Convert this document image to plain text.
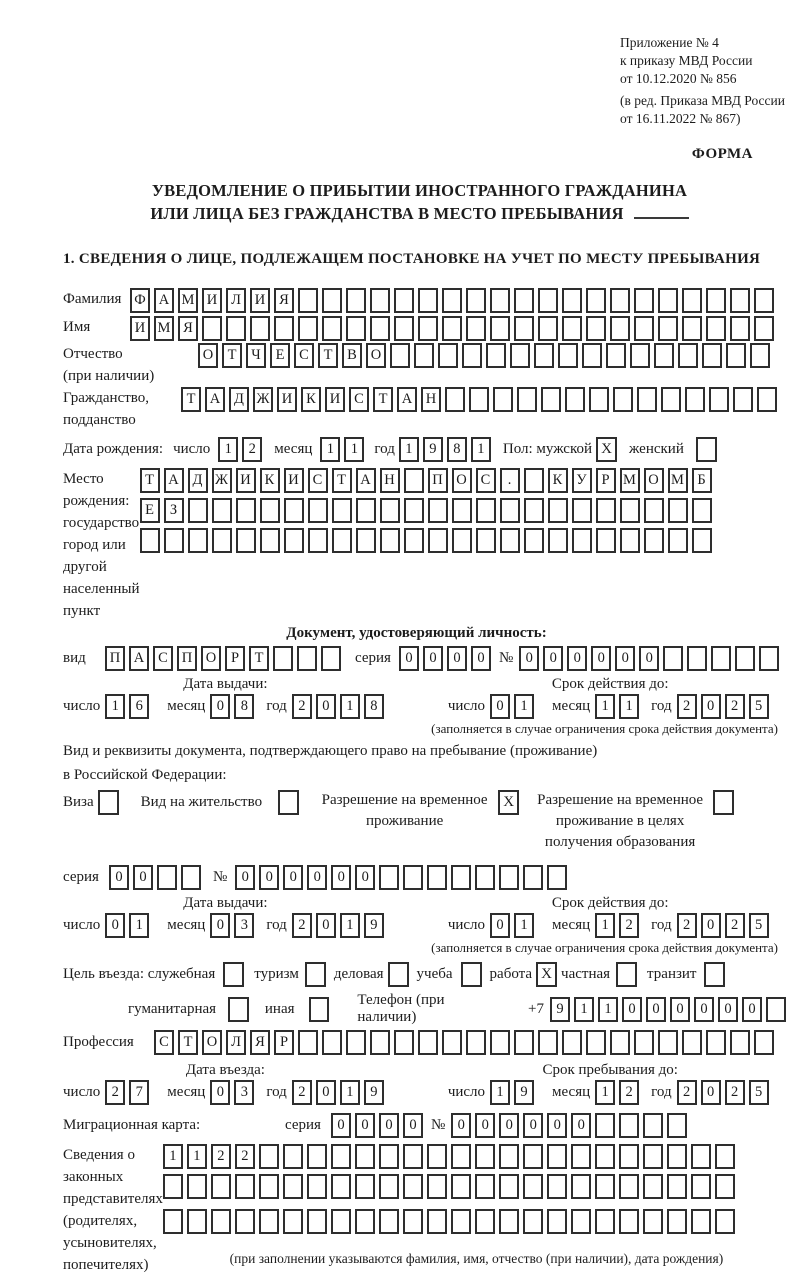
Приложение № 4
к приказу МВД России
от 10.12.2020 № 856
(в ред. Приказа МВД России
от 16.11.2022 № 867)
ФОРМА
УВЕДОМЛЕНИЕ О ПРИБЫТИИ ИНОСТРАННОГО ГРАЖДАНИНА
ИЛИ ЛИЦА БЕЗ ГРАЖДАНСТВА В МЕСТО ПРЕБЫВАНИЯ
1. СВЕДЕНИЯ О ЛИЦЕ, ПОДЛЕЖАЩЕМ ПОСТАНОВКЕ НА УЧЕТ ПО МЕСТУ ПРЕБЫВАНИЯ
Фамилия Ф А М И Л И Я
Имя	И М Я
Отчество
(при наличии)
О Т	Ч	Е	С	Т	В О
Гражданство,
подданство
Т А Д Ж И К И С	Т А Н
Дата рождения: число 1	2	месяц 1	1	год 1	9	8	1	Пол: мужской X	женский
Место рождения:
государство
город или другой
населенный пункт
Т А Д Ж И К И С	Т А Н	П О С	.	К У	Р М О М Б

Е	З

Документ, удостоверяющий личность:
вид	П А С П О	Р	Т	серия 0	0	0	0 № 0	0	0	0	0	0
Дата выдачи:
число 1	6	месяц 0	8	год 2	0	1	8
Срок действия до:
число 0	1	месяц 1	1	год 2	0	2	5
(заполняется в случае ограничения срока действия документа)
Вид и реквизиты документа, подтверждающего право на пребывание (проживание)
в Российской Федерации:
Виза	Вид на жительство	Разрешение на временное проживание
X	Разрешение на временное проживание в целях получения образования
серия	0	0	№ 0	0	0	0	0	0
Дата выдачи:
число 0	1	месяц 0	3	год 2	0	1	9
Срок действия до:
число 0	1	месяц 1	2	год 2	0	2	5
(заполняется в случае ограничения срока действия документа)
Цель въезда: служебная	туризм деловая учеба работа X частная транзит
гуманитарная	иная
Телефон (при наличии)
+7 9	1	1	0	0	0	0	0	0
Профессия	С	Т О Л Я	Р
Дата въезда:
число 2	7	месяц 0	3	год 2	0	1	9
Срок пребывания до:
число 1	9	месяц 1	2	год 2	0	2	5
Миграционная карта:	серия	0	0	0	0 № 0	0	0	0	0	0
Сведения о
законных
представителях
(родителях,
усыновителях,
попечителях)
1	1	2	2

(при заполнении указываются фамилия, имя, отчество (при наличии), дата рождения)
